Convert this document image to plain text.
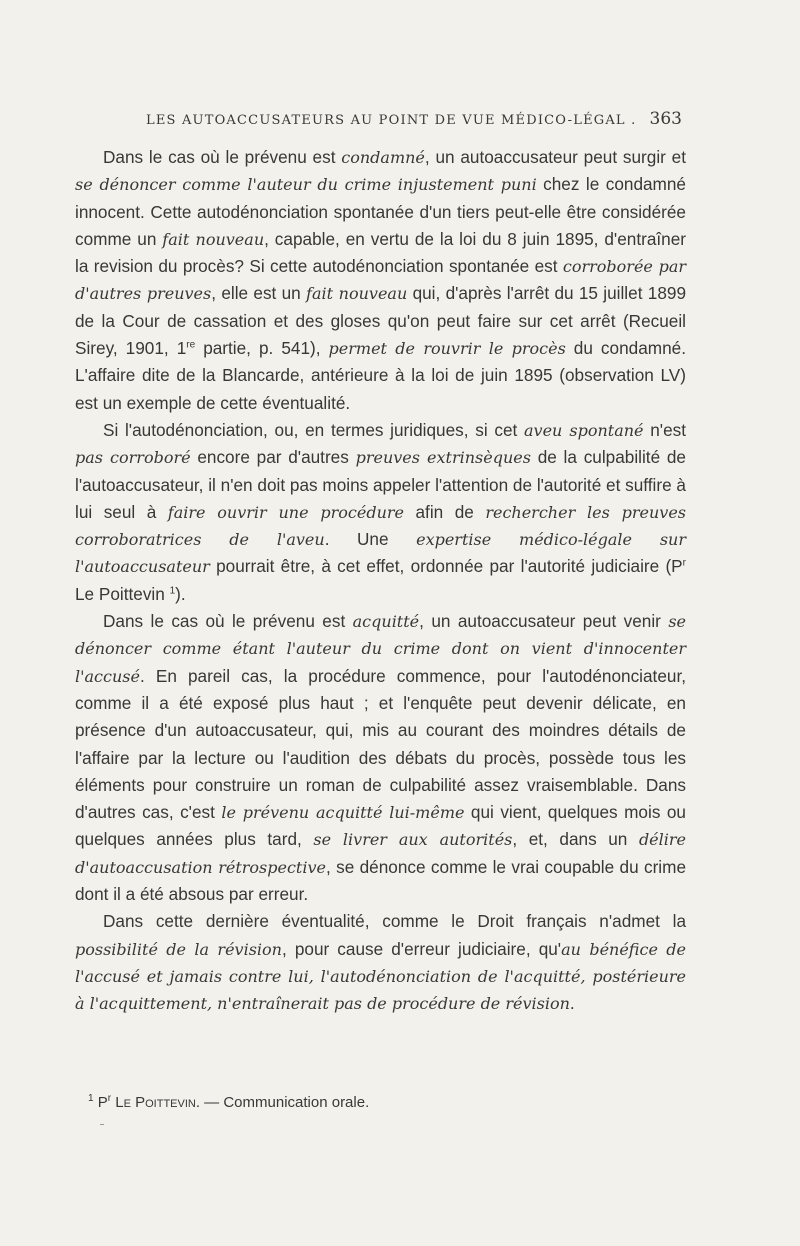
LES AUTOACCUSATEURS AU POINT DE VUE MÉDICO-LÉGAL . 363

Dans le cas où le prévenu est condamné, un autoaccusateur peut surgir et se dénoncer comme l'auteur du crime injustement puni chez le condamné innocent. Cette autodénonciation spontanée d'un tiers peut-elle être considérée comme un fait nouveau, capable, en vertu de la loi du 8 juin 1895, d'entraîner la revision du procès? Si cette autodénonciation spontanée est corroborée par d'autres preuves, elle est un fait nouveau qui, d'après l'arrêt du 15 juillet 1899 de la Cour de cassation et des gloses qu'on peut faire sur cet arrêt (Recueil Sirey, 1901, 1re partie, p. 541), permet de rouvrir le procès du condamné. L'affaire dite de la Blancarde, antérieure à la loi de juin 1895 (observation LV) est un exemple de cette éventualité.

Si l'autodénonciation, ou, en termes juridiques, si cet aveu spontané n'est pas corroboré encore par d'autres preuves extrinsèques de la culpabilité de l'autoaccusateur, il n'en doit pas moins appeler l'attention de l'autorité et suffire à lui seul à faire ouvrir une procédure afin de rechercher les preuves corroboratrices de l'aveu. Une expertise médico-légale sur l'autoaccusateur pourrait être, à cet effet, ordonnée par l'autorité judiciaire ($P^r$ Le Poittevin $^1$).

Dans le cas où le prévenu est acquitté, un autoaccusateur peut venir se dénoncer comme étant l'auteur du crime dont on vient d'innocenter l'accusé. En pareil cas, la procédure commence, pour l'autodénonciateur, comme il a été exposé plus haut ; et l'enquête peut devenir délicate, en présence d'un autoaccusateur, qui, mis au courant des moindres détails de l'affaire par la lecture ou l'audition des débats du procès, possède tous les éléments pour construire un roman de culpabilité assez vraisemblable. Dans d'autres cas, c'est le prévenu acquitté lui-même qui vient, quelques mois ou quelques années plus tard, se livrer aux autorités, et, dans un délire d'autoaccusation rétrospective, se dénonce comme le vrai coupable du crime dont il a été absous par erreur.

Dans cette dernière éventualité, comme le Droit français n'admet la possibilité de la révision, pour cause d'erreur judiciaire, qu'au bénéfice de l'accusé et jamais contre lui, l'autodénonciation de l'acquitté, postérieure à l'acquittement, n'entraînerait pas de procédure de révision.

$^1$ $P^r$ Le Poittevin. — Communication orale.
